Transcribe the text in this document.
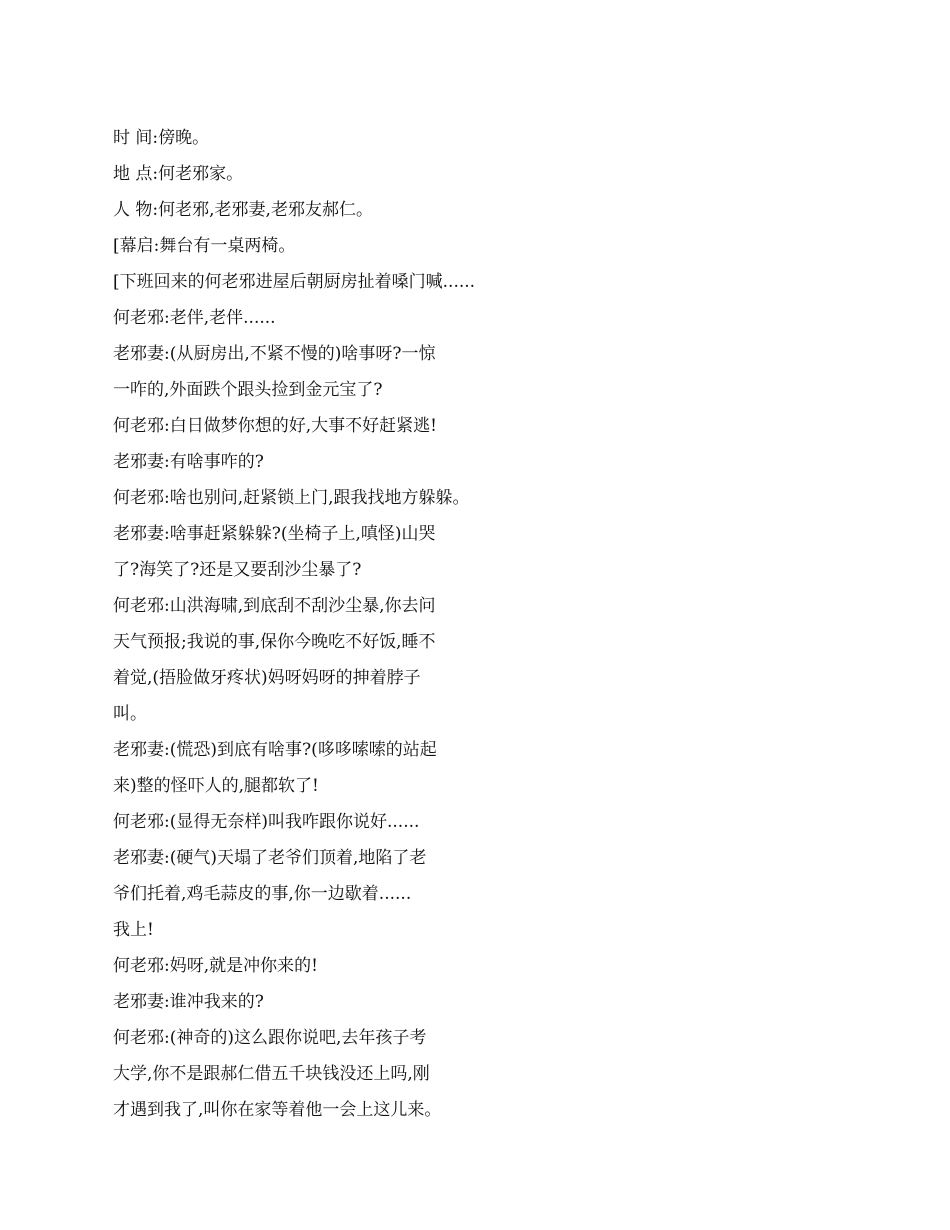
时 间:傍晚。
地 点:何老邪家。
人 物:何老邪,老邪妻,老邪友郝仁。
[幕启:舞台有一桌两椅。
[下班回来的何老邪进屋后朝厨房扯着嗓门喊......
何老邪:老伴,老伴......
老邪妻:(从厨房出,不紧不慢的)啥事呀?一惊
一咋的,外面跌个跟头捡到金元宝了?
何老邪:白日做梦你想的好,大事不好赶紧逃!
老邪妻:有啥事咋的?
何老邪:啥也别问,赶紧锁上门,跟我找地方躲躲。
老邪妻:啥事赶紧躲躲?(坐椅子上,嗔怪)山哭
了?海笑了?还是又要刮沙尘暴了?
何老邪:山洪海啸,到底刮不刮沙尘暴,你去问
天气预报;我说的事,保你今晚吃不好饭,睡不
着觉,(捂脸做牙疼状)妈呀妈呀的抻着脖子
叫。
老邪妻:(慌恐)到底有啥事?(哆哆嗦嗦的站起
来)整的怪吓人的,腿都软了!
何老邪:(显得无奈样)叫我咋跟你说好......
老邪妻:(硬气)天塌了老爷们顶着,地陷了老
爷们托着,鸡毛蒜皮的事,你一边歇着......
我上!
何老邪:妈呀,就是冲你来的!
老邪妻:谁冲我来的?
何老邪:(神奇的)这么跟你说吧,去年孩子考
大学,你不是跟郝仁借五千块钱没还上吗,刚
才遇到我了,叫你在家等着他一会上这儿来。
